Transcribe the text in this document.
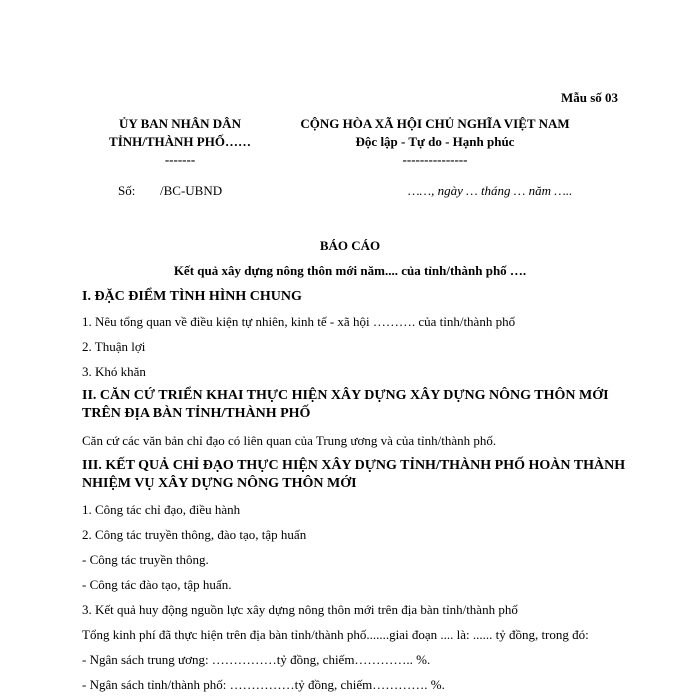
Mẫu số 03
ỦY BAN NHÂN DÂN
TỈNH/THÀNH PHỐ……
-------
CỘNG HÒA XÃ HỘI CHỦ NGHĨA VIỆT NAM
Độc lập - Tự do - Hạnh phúc
---------------
Số: /BC-UBND	……, ngày … tháng … năm …..
BÁO CÁO
Kết quả xây dựng nông thôn mới năm.... của tỉnh/thành phố ….
I. ĐẶC ĐIỂM TÌNH HÌNH CHUNG
1. Nêu tổng quan về điều kiện tự nhiên, kinh tế - xã hội ………. của tỉnh/thành phố
2. Thuận lợi
3. Khó khăn
II. CĂN CỨ TRIỂN KHAI THỰC HIỆN XÂY DỰNG XÂY DỰNG NÔNG THÔN MỚI
TRÊN ĐỊA BÀN TỈNH/THÀNH PHỐ
Căn cứ các văn bản chỉ đạo có liên quan của Trung ương và của tỉnh/thành phố.
III. KẾT QUẢ CHỈ ĐẠO THỰC HIỆN XÂY DỰNG TỈNH/THÀNH PHỐ HOÀN THÀNH
NHIỆM VỤ XÂY DỰNG NÔNG THÔN MỚI
1. Công tác chỉ đạo, điều hành
2. Công tác truyền thông, đào tạo, tập huấn
- Công tác truyền thông.
- Công tác đào tạo, tập huấn.
3. Kết quả huy động nguồn lực xây dựng nông thôn mới trên địa bàn tỉnh/thành phố
Tổng kinh phí đã thực hiện trên địa bàn tỉnh/thành phố.......giai đoạn .... là: ...... tỷ đồng, trong đó:
- Ngân sách trung ương: ……………tỷ đồng, chiếm………….. %.
- Ngân sách tỉnh/thành phố: ……………tỷ đồng, chiếm…………. %.
